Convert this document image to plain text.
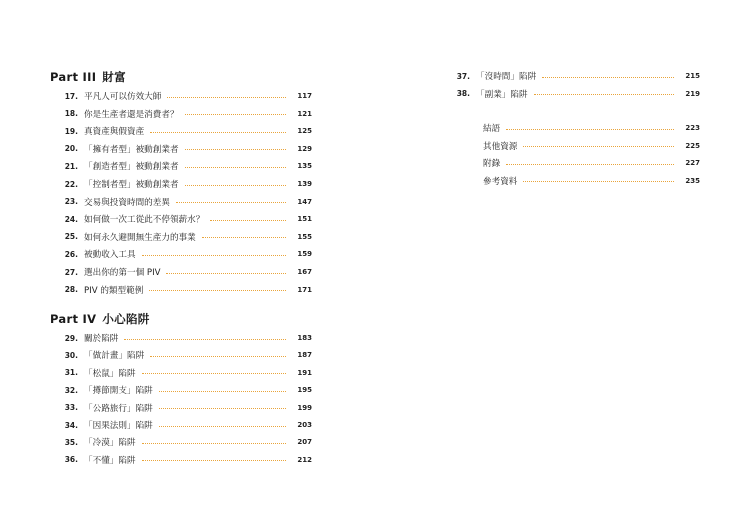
Part III 財富
Part IV 小心陷阱
17. 平凡人可以仿效大師	117
18. 你是生產者還是消費者？	121
19. 真資產與假資產	125
20. 「擁有者型」被動創業者	129
21. 「創造者型」被動創業者	135
22. 「控制者型」被動創業者	139
23. 交易與投資時間的差異	147
24. 如何做一次工從此不停領薪水？	151
25. 如何永久避開無生產力的事業	155
26. 被動收入工具	159
27. 選出你的第一個 PIV	167
28. PIV 的類型範例	171
29. 關於陷阱	183
30. 「做計畫」陷阱	187
31. 「松鼠」陷阱	191
32. 「撙節開支」陷阱	195
33. 「公路旅行」陷阱	199
34. 「因果法則」陷阱	203
35. 「冷漠」陷阱	207
36. 「不懂」陷阱	212
37. 「沒時間」陷阱	215
38. 「副業」陷阱	219
結語	223
其他資源	225
附錄	227
參考資料	235
